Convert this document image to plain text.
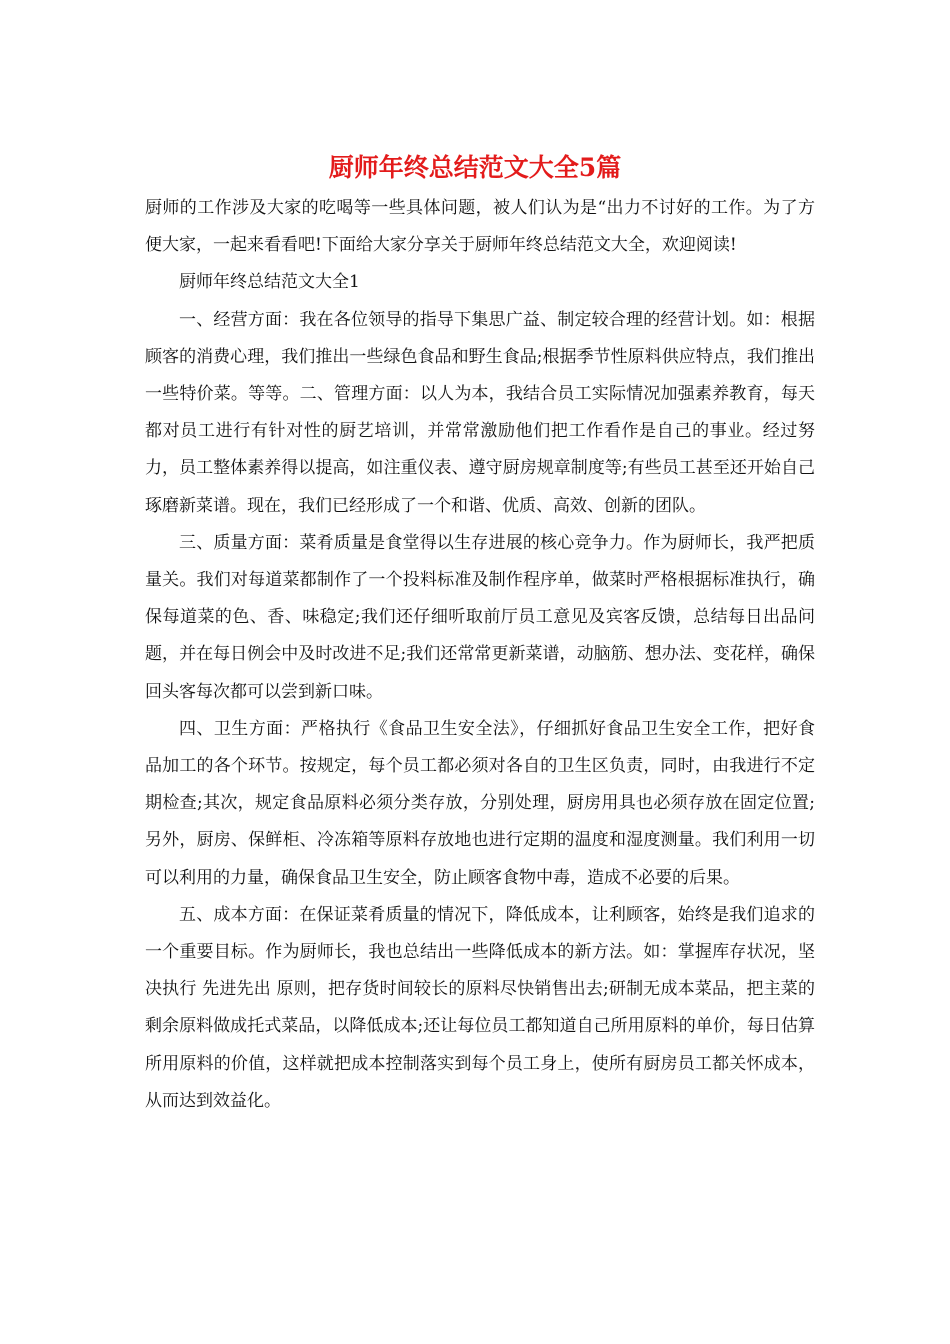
厨师年终总结范文大全5篇

厨师的工作涉及大家的吃喝等一些具体问题，被人们认为是“出力不讨好的工作。为了方便大家，一起来看看吧!下面给大家分享关于厨师年终总结范文大全，欢迎阅读!

厨师年终总结范文大全1

一、经营方面：我在各位领导的指导下集思广益、制定较合理的经营计划。如：根据顾客的消费心理，我们推出一些绿色食品和野生食品;根据季节性原料供应特点，我们推出一些特价菜。等等。二、管理方面：以人为本，我结合员工实际情况加强素养教育，每天都对员工进行有针对性的厨艺培训，并常常激励他们把工作看作是自己的事业。经过努力，员工整体素养得以提高，如注重仪表、遵守厨房规章制度等;有些员工甚至还开始自己琢磨新菜谱。现在，我们已经形成了一个和谐、优质、高效、创新的团队。

三、质量方面：菜肴质量是食堂得以生存进展的核心竞争力。作为厨师长，我严把质量关。我们对每道菜都制作了一个投料标准及制作程序单，做菜时严格根据标准执行，确保每道菜的色、香、味稳定;我们还仔细听取前厅员工意见及宾客反馈，总结每日出品问题，并在每日例会中及时改进不足;我们还常常更新菜谱，动脑筋、想办法、变花样，确保回头客每次都可以尝到新口味。

四、卫生方面：严格执行《食品卫生安全法》，仔细抓好食品卫生安全工作，把好食品加工的各个环节。按规定，每个员工都必须对各自的卫生区负责，同时，由我进行不定期检查;其次，规定食品原料必须分类存放，分别处理，厨房用具也必须存放在固定位置;另外，厨房、保鲜柜、冷冻箱等原料存放地也进行定期的温度和湿度测量。我们利用一切可以利用的力量，确保食品卫生安全，防止顾客食物中毒，造成不必要的后果。

五、成本方面：在保证菜肴质量的情况下，降低成本，让利顾客，始终是我们追求的一个重要目标。作为厨师长，我也总结出一些降低成本的新方法。如：掌握库存状况，坚决执行 先进先出 原则，把存货时间较长的原料尽快销售出去;研制无成本菜品，把主菜的剩余原料做成托式菜品，以降低成本;还让每位员工都知道自己所用原料的单价，每日估算所用原料的价值，这样就把成本控制落实到每个员工身上，使所有厨房员工都关怀成本，从而达到效益化。
